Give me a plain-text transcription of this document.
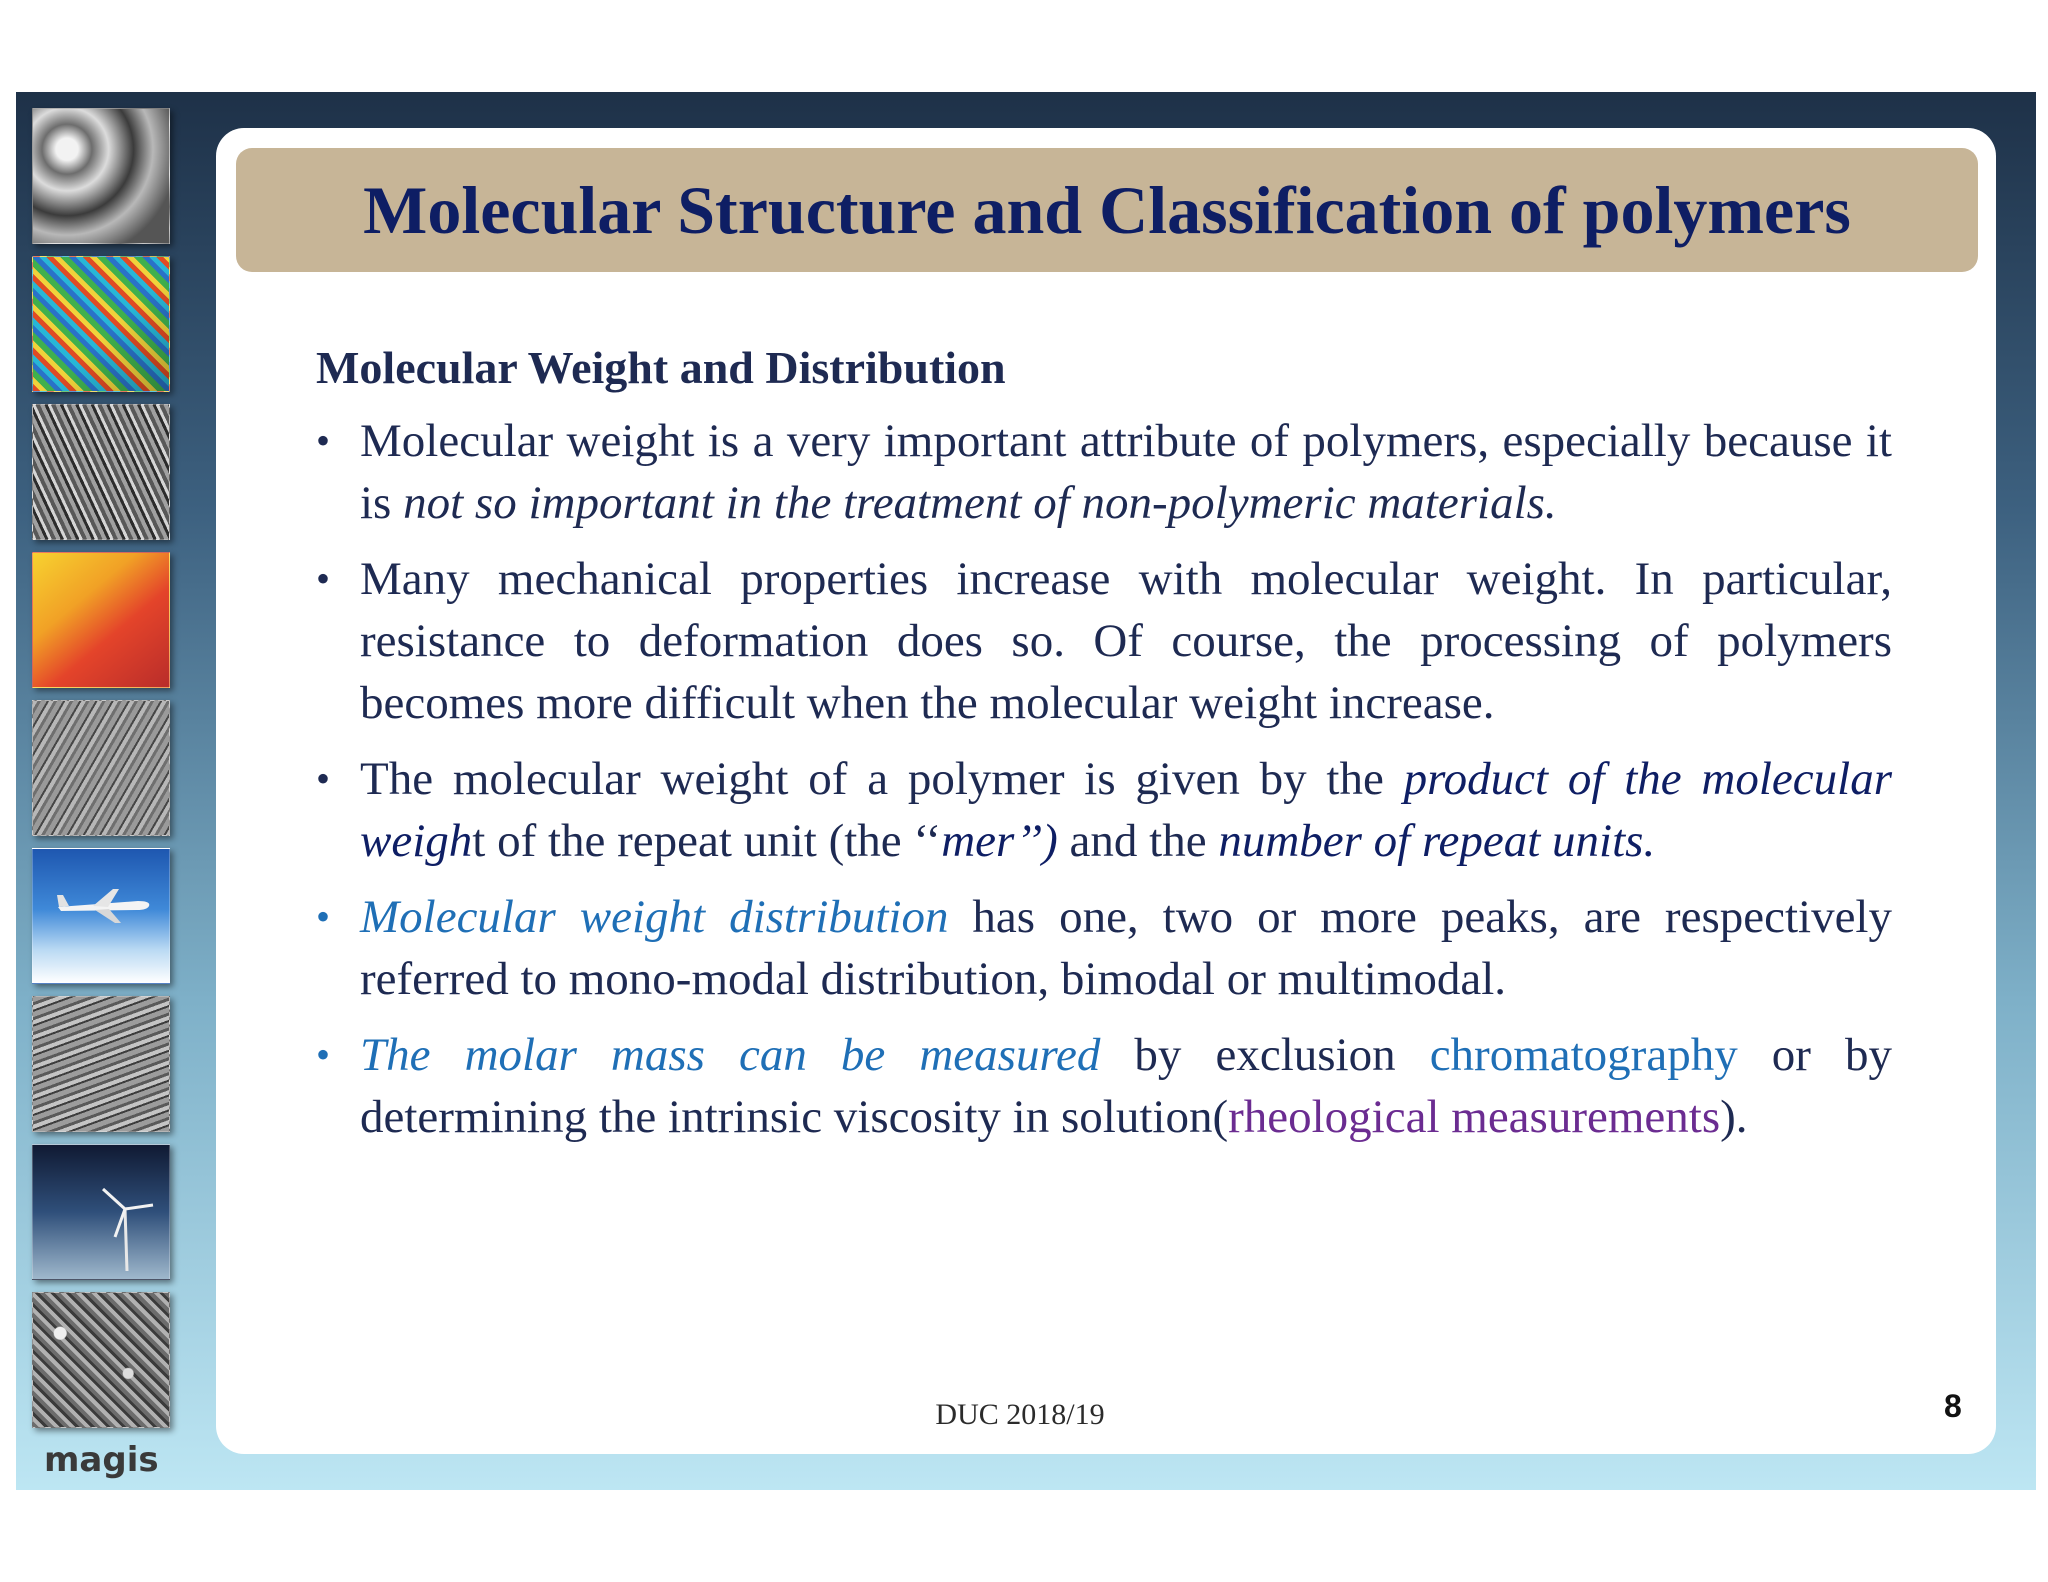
magis
Molecular Structure and Classification of polymers
Molecular Weight and Distribution
• Molecular weight is a very important attribute of polymers, especially because it is not so important in the treatment of non-polymeric materials.
• Many mechanical properties increase with molecular weight. In particular, resistance to deformation does so. Of course, the processing of polymers becomes more difficult when the molecular weight increase.
• The molecular weight of a polymer is given by the product of the molecular weight of the repeat unit (the ‘‘mer’’) and the number of repeat units.
• Molecular weight distribution has one, two or more peaks, are respectively referred to mono-modal distribution, bimodal or multimodal.
• The molar mass can be measured by exclusion chromatography or by determining the intrinsic viscosity in solution(rheological measurements).
DUC 2018/19	8
